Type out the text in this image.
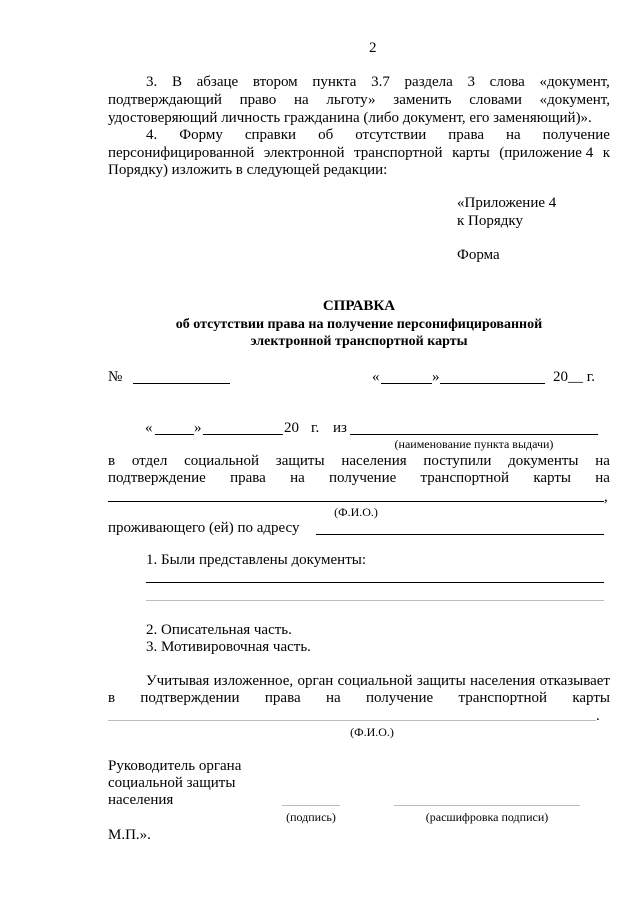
2
3. В абзаце втором пункта 3.7 раздела 3 слова «документ,
подтверждающий право на льготу» заменить словами «документ,
удостоверяющий личность гражданина (либо документ, его заменяющий)».
4. Форму справки об отсутствии права на получение
персонифицированной электронной транспортной карты (приложение 4 к
Порядку) изложить в следующей редакции:
«Приложение 4
к Порядку
Форма
СПРАВКА
об отсутствии права на получение персонифицированной
электронной транспортной карты
№	«	»	20__ г.
«	»	20 г. из
(наименование пункта выдачи)
в отдел социальной защиты населения поступили документы на
подтверждение права на получение транспортной карты на
,
(Ф.И.О.)
проживающего (ей) по адресу
1. Были представлены документы:
2. Описательная часть.
3. Мотивировочная часть.
Учитывая изложенное, орган социальной защиты населения отказывает
в подтверждении права на получение транспортной карты
.
(Ф.И.О.)
Руководитель органа
социальной защиты
населения
(подпись)	(расшифровка подписи)
М.П.».
